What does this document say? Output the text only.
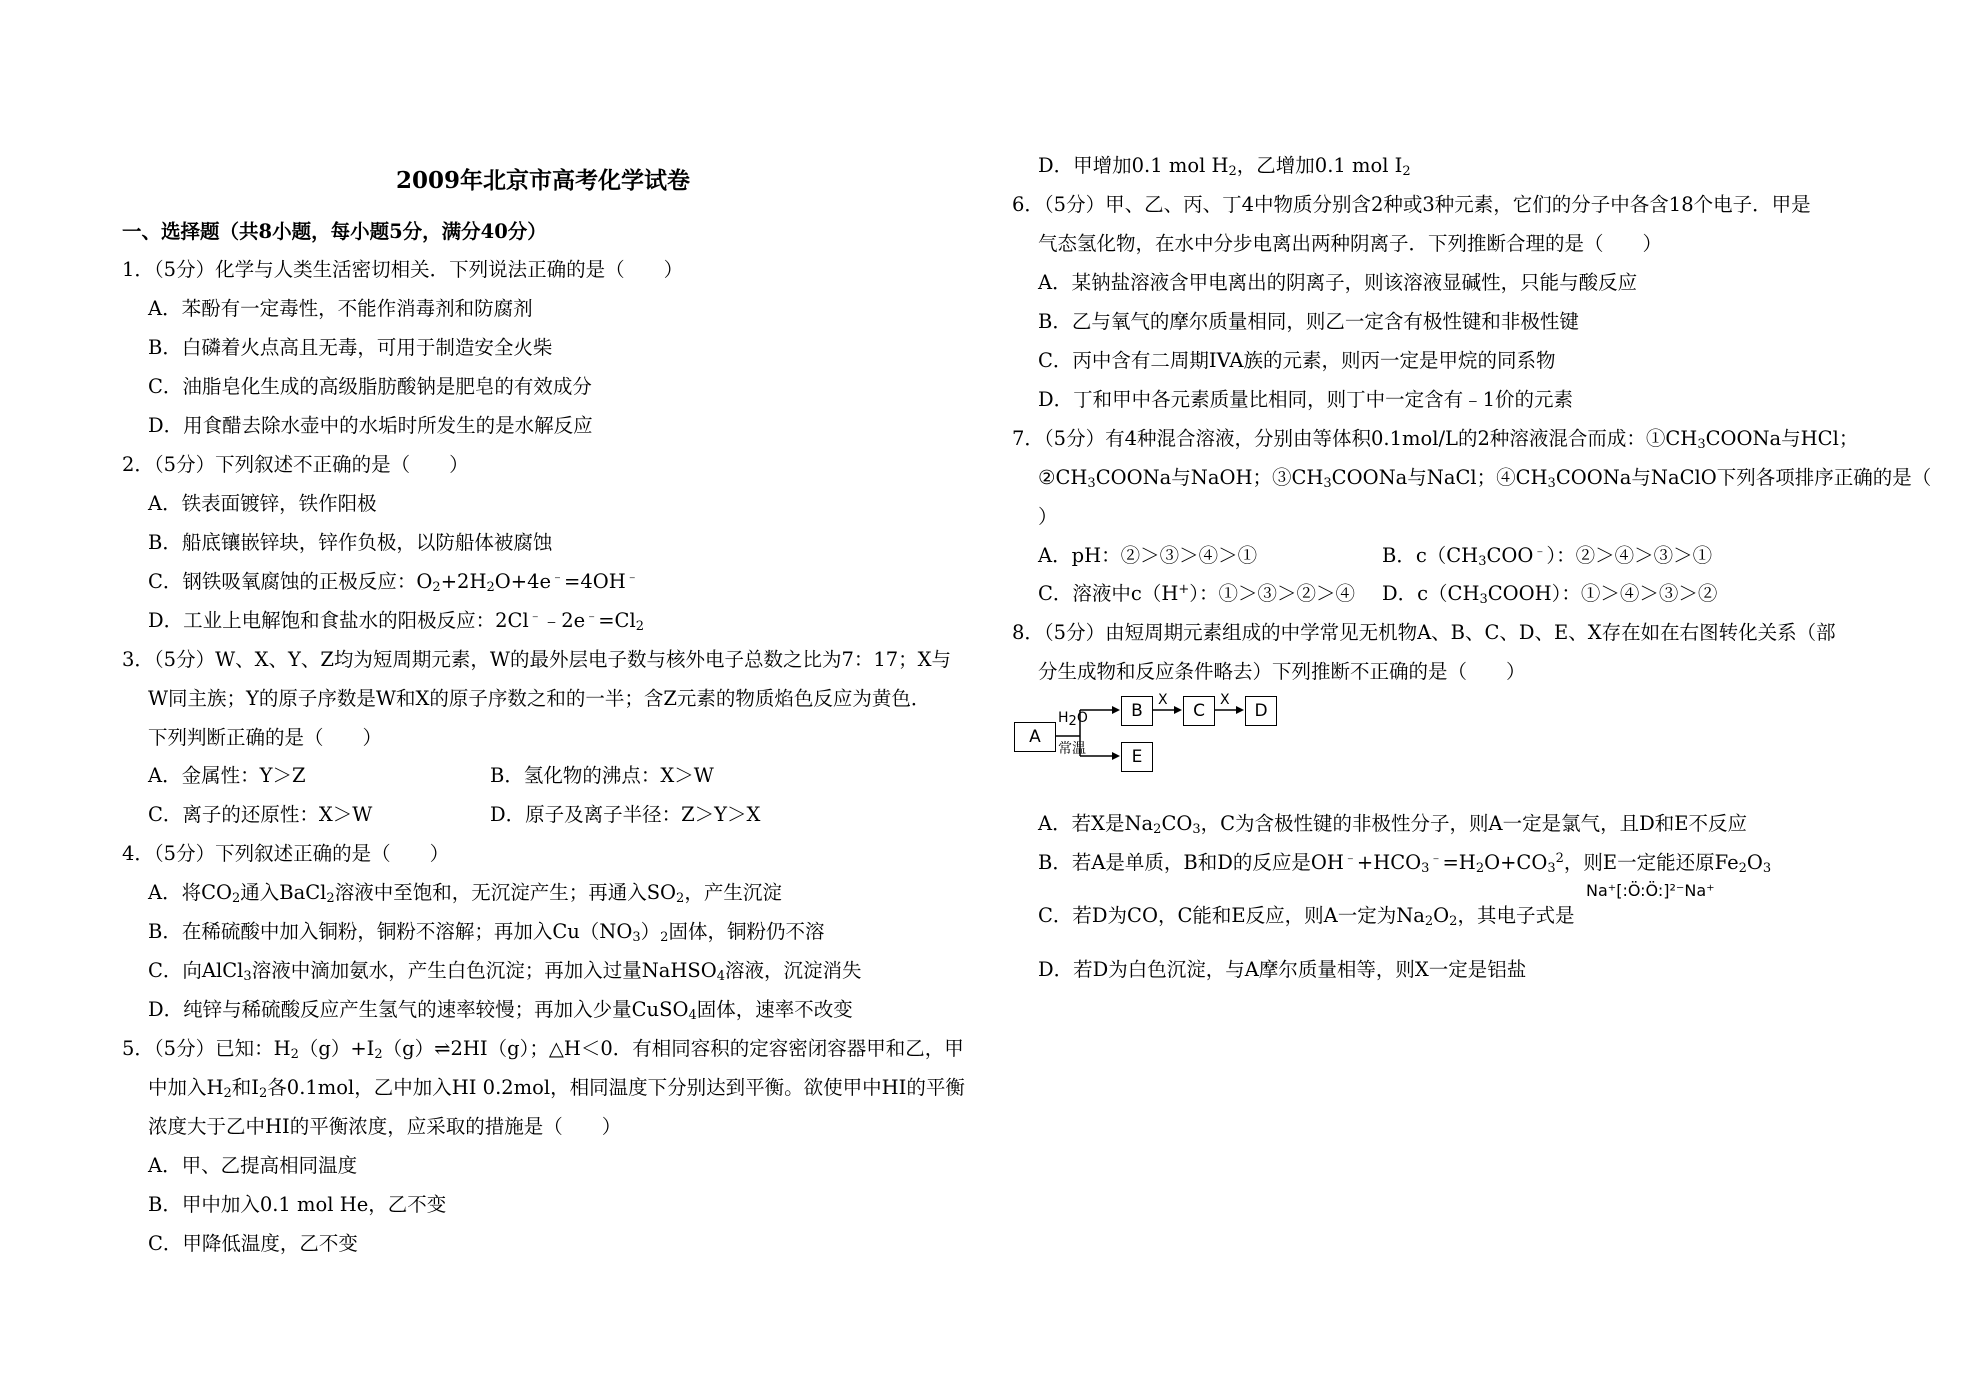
2009年北京市高考化学试卷
一、选择题（共8小题，每小题5分，满分40分）
1．（5分）化学与人类生活密切相关．下列说法正确的是（　　）
A．苯酚有一定毒性，不能作消毒剂和防腐剂
B．白磷着火点高且无毒，可用于制造安全火柴
C．油脂皂化生成的高级脂肪酸钠是肥皂的有效成分
D．用食醋去除水壶中的水垢时所发生的是水解反应
2．（5分）下列叙述不正确的是（　　）
A．铁表面镀锌，铁作阳极
B．船底镶嵌锌块，锌作负极，以防船体被腐蚀
C．钢铁吸氧腐蚀的正极反应：$O_2+2H_2O+4e^﹣=4OH^﹣$
D．工业上电解饱和食盐水的阳极反应：$2Cl^﹣﹣2e^﹣=Cl_2$
3．（5分）W、X、Y、Z均为短周期元素，W的最外层电子数与核外电子总数之比为7：17；X与
W同主族；Y的原子序数是W和X的原子序数之和的一半；含Z元素的物质焰色反应为黄色．
下列判断正确的是（　　）
A．金属性：Y＞Z	B．氢化物的沸点：X＞W
C．离子的还原性：X＞W	D．原子及离子半径：Z＞Y＞X
4．（5分）下列叙述正确的是（　　）
A．将$CO_2$通入BaCl$_2$溶液中至饱和，无沉淀产生；再通入$SO_2$，产生沉淀
B．在稀硫酸中加入铜粉，铜粉不溶解；再加入$Cu(NO_3)_2$固体，铜粉仍不溶
C．向AlCl$_3$溶液中滴加氨水，产生白色沉淀；再加入过量NaHSO$_4$溶液，沉淀消失
D．纯锌与稀硫酸反应产生氢气的速率较慢；再加入少量CuSO$_4$固体，速率不改变
5．（5分）已知：$H_2(g)+I_2(g)\rightleftharpoons 2HI(g)$；△H＜0．有相同容积的定容密闭容器甲和乙，甲
中加入$H_2$和$I_2$各0.1mol，乙中加入HI 0.2mol，相同温度下分别达到平衡。欲使甲中HI的平衡
浓度大于乙中HI的平衡浓度，应采取的措施是（　　）
A．甲、乙提高相同温度
B．甲中加入0.1 mol He，乙不变
C．甲降低温度，乙不变
D．甲增加0.1 mol $H_2$，乙增加0.1 mol $I_2$
6．（5分）甲、乙、丙、丁4中物质分别含2种或3种元素，它们的分子中各含18个电子．甲是
气态氢化物，在水中分步电离出两种阴离子．下列推断合理的是（　　）
A．某钠盐溶液含甲电离出的阴离子，则该溶液显碱性，只能与酸反应
B．乙与氧气的摩尔质量相同，则乙一定含有极性键和非极性键
C．丙中含有二周期IVA族的元素，则丙一定是甲烷的同系物
D．丁和甲中各元素质量比相同，则丁中一定含有﹣1价的元素
7．（5分）有4种混合溶液，分别由等体积0.1mol/L的2种溶液混合而成：$①CH_3COONa$与HCl；
$②CH_3COONa$与NaOH；$③CH_3COONa$与NaCl；$④CH_3COONa$与NaClO下列各项排序正确的是（
）
A．pH：②＞③＞④＞①	B．$c(CH_3COO^﹣)$：②＞④＞③＞①
C．溶液中c（H+）：①＞③＞②＞④ D．$c(CH_3COOH)$：①＞④＞③＞②
8．（5分）由短周期元素组成的中学常见无机物A、B、C、D、E、X存在如在右图转化关系（部
分生成物和反应条件略去）下列推断不正确的是（　　）
A．若X是$Na_2CO_3$，C为含极性键的非极性分子，则A一定是氯气，且D和E不反应
B．若A是单质，B和D的反应是$OH^﹣+HCO_3^﹣=H_2O+CO_3^2$，则E一定能还原$Fe_2O_3$
C．若D为CO，C能和E反应，则A一定为$Na_2O_2$，其电子式是
D．若D为白色沉淀，与A摩尔质量相等，则X一定是铝盐
A
B	C	D
E
$H_2O$
常温
X	X
Na⁺[:Ö:Ö:]²⁻Na⁺
